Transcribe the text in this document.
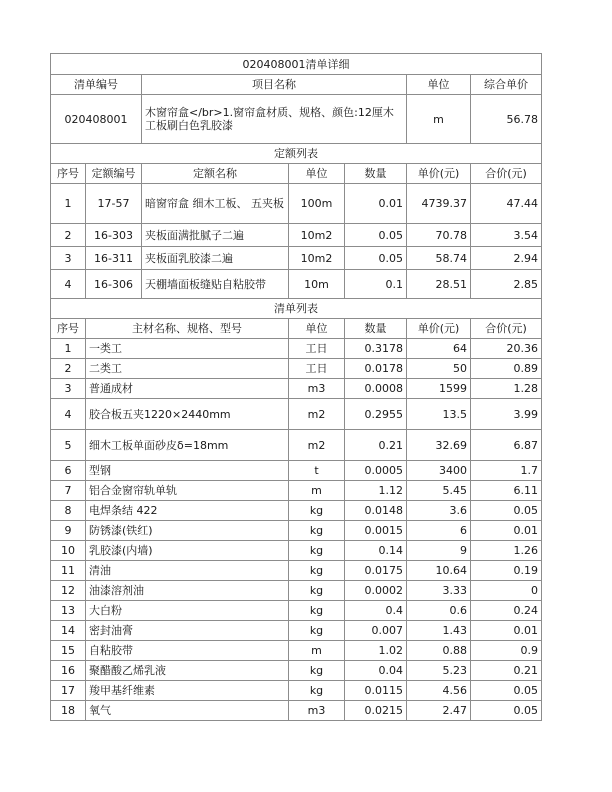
020408001清单详细						
清单编号		项目名称			单位	综合单价
020408001		木窗帘盒</br>1.窗帘盒材质、规格、颜色:12厘木工板刷白色乳胶漆			m	56.78
定额列表						
序号	定额编号	定额名称	单位	数量	单价(元)	合价(元)
1	17-57	暗窗帘盒 细木工板、 五夹板	100m	0.01	4739.37	47.44
2	16-303	夹板面满批腻子二遍	10m2	0.05	70.78	3.54
3	16-311	夹板面乳胶漆二遍	10m2	0.05	58.74	2.94
4	16-306	天棚墙面板缝贴自粘胶带	10m	0.1	28.51	2.85
清单列表						
序号	主材名称、规格、型号		单位	数量	单价(元)	合价(元)
1	一类工		工日	0.3178	64	20.36
2	二类工		工日	0.0178	50	0.89
3	普通成材		m3	0.0008	1599	1.28
4	胶合板五夹1220×2440mm		m2	0.2955	13.5	3.99
5	细木工板单面砂皮δ=18mm		m2	0.21	32.69	6.87
6	型钢		t	0.0005	3400	1.7
7	铝合金窗帘轨单轨		m	1.12	5.45	6.11
8	电焊条结 422		kg	0.0148	3.6	0.05
9	防锈漆(铁红)		kg	0.0015	6	0.01
10	乳胶漆(内墙)		kg	0.14	9	1.26
11	清油		kg	0.0175	10.64	0.19
12	油漆溶剂油		kg	0.0002	3.33	0
13	大白粉		kg	0.4	0.6	0.24
14	密封油膏		kg	0.007	1.43	0.01
15	自粘胶带		m	1.02	0.88	0.9
16	聚醋酸乙烯乳液		kg	0.04	5.23	0.21
17	羧甲基纤维素		kg	0.0115	4.56	0.05
18	氧气		m3	0.0215	2.47	0.05
